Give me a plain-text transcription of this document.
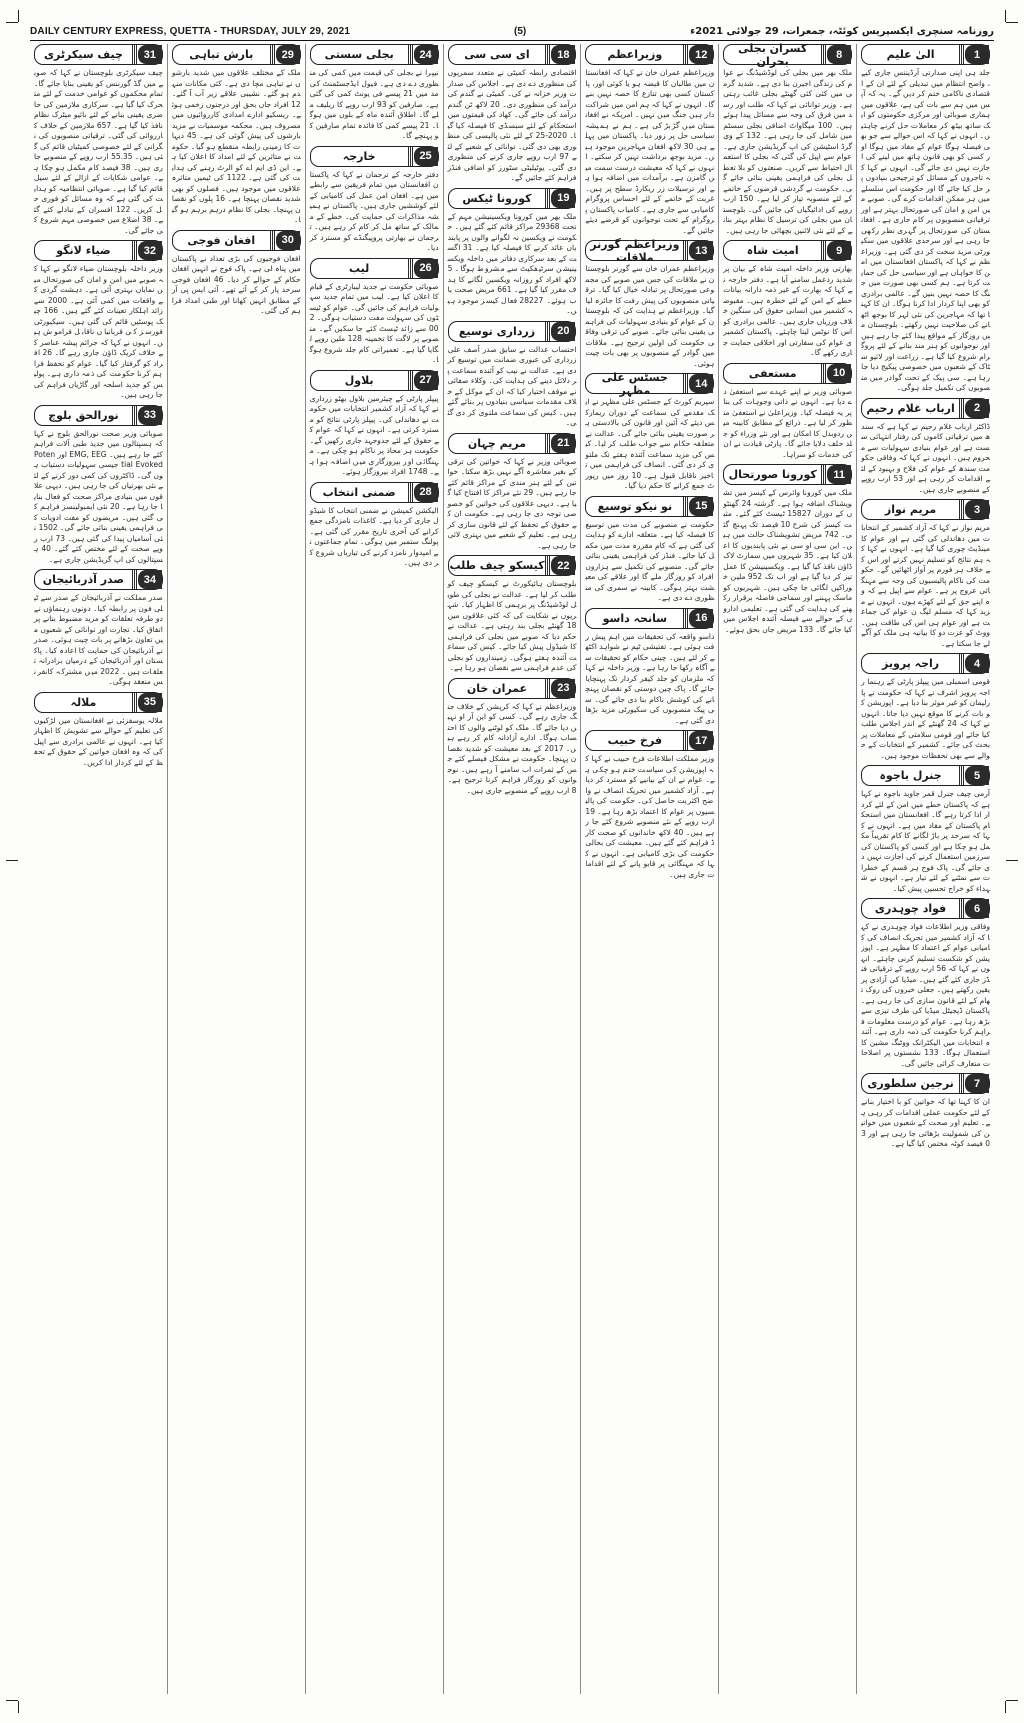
DAILY CENTURY EXPRESS, QUETTA - THURSDAY, JULY 29, 2021	(5)	روزنامہ سنچری ایکسپریس کوئٹہ، جمعرات، 29 جولائی 2021ء
1
الیٰ علیم
جلد ہی اپنی صدارتی آرڈیننس جاری کیے ، واضح انتظام میں تبدیلی کے لئے ان کے اقتصادی ناکامی ختم کر دیں گے۔ یہ کہ آپس میں ہم سے بات کی ہے، علاقوں میں ہماری صوبائی اور مرکزی حکومتوں کو ایک ساتھ بیٹھ کر معاملات حل کرنے چاہئیں۔ انہوں نے کہا کہ اس حوالے سے جو بھی فیصلہ ہوگا عوام کے مفاد میں ہوگا اور کسی کو بھی قانون ہاتھ میں لینے کی اجازت نہیں دی جائے گی۔ انہوں نے کہا کہ تاجروں کے مسائل کو ترجیحی بنیادوں پر حل کیا جائے گا اور حکومت اس سلسلے میں ہر ممکن اقدامات کرے گی۔ صوبے میں امن و امان کی صورتحال بہتر ہے اور ترقیاتی منصوبوں پر کام جاری ہے۔ افغانستان کی صورتحال پر گہری نظر رکھی جا رہی ہے اور سرحدی علاقوں میں سکیورٹی مزید سخت کر دی گئی ہے۔ وزیراعظم نے کہا کہ پاکستان افغانستان میں امن کا خواہاں ہے اور سیاسی حل کی حمایت کرتا ہے۔ ہم کسی بھی صورت میں جنگ کا حصہ نہیں بنیں گے۔ عالمی برادری کو بھی اپنا کردار ادا کرنا ہوگا۔ ان کا کہنا تھا کہ مہاجرین کی نئی لہر کا بوجھ اٹھانے کی صلاحیت نہیں رکھتے۔ بلوچستان میں روزگار کے مواقع پیدا کئے جا رہے ہیں اور نوجوانوں کو ہنر مند بنانے کے لئے پروگرام شروع کیا گیا ہے۔ زراعت اور لائیو سٹاک کے شعبوں میں خصوصی پیکیج دیا جا رہا ہے۔ سی پیک کے تحت گوادر میں منصوبوں کی تکمیل جلد ہوگی۔
2
ارباب غلام رحیم
ڈاکٹر ارباب غلام رحیم نے کہا ہے کہ سندھ میں ترقیاتی کاموں کی رفتار انتہائی سست ہے اور عوام بنیادی سہولیات سے محروم ہیں۔ انہوں نے کہا کہ وفاقی حکومت سندھ کے عوام کی فلاح و بہبود کے لئے اقدامات کر رہی ہے اور 53 ارب روپے کے منصوبے جاری ہیں۔
3
مریم نواز
مریم نواز نے کہا کہ آزاد کشمیر کے انتخابات میں دھاندلی کی گئی ہے اور عوام کا مینڈیٹ چوری کیا گیا ہے۔ انہوں نے کہا کہ ہم نتائج کو تسلیم نہیں کرتے اور اس کے خلاف ہر فورم پر آواز اٹھائیں گے۔ حکومت کی ناکام پالیسیوں کی وجہ سے مہنگائی عروج پر ہے۔ عوام سے اپیل ہے کہ وہ اپنے حق کے لئے کھڑے ہوں۔ انہوں نے مزید کہا کہ مسلم لیگ ن عوام کی جماعت ہے اور عوام ہی اس کی طاقت ہیں۔ ووٹ کو عزت دو کا بیانیہ ہی ملک کو آگے لے جا سکتا ہے۔
4
راجہ پرویز
قومی اسمبلی میں پیپلز پارٹی کے رہنما راجہ پرویز اشرف نے کہا کہ حکومت نے پارلیمان کو غیر موثر بنا دیا ہے۔ اپوزیشن کو بات کرنے کا موقع نہیں دیا جاتا۔ انہوں نے کہا کہ 24 گھنٹے کے اندر اجلاس طلب کیا جائے اور قومی سلامتی کے معاملات پر بحث کی جائے۔ کشمیر کے انتخابات کے حوالے سے بھی تحفظات موجود ہیں۔
5
جنرل باجوہ
آرمی چیف جنرل قمر جاوید باجوہ نے کہا ہے کہ پاکستان خطے میں امن کے لئے کردار ادا کرتا رہے گا۔ افغانستان میں استحکام پاکستان کے مفاد میں ہے۔ انہوں نے کہا کہ سرحد پر باڑ لگانے کا کام تقریباً مکمل ہو چکا ہے اور کسی کو پاکستان کی سرزمین استعمال کرنے کی اجازت نہیں دی جائے گی۔ پاک فوج ہر قسم کے خطرات سے نمٹنے کے لئے تیار ہے۔ انہوں نے شہداء کو خراج تحسین پیش کیا۔
6
فواد چوہدری
وفاقی وزیر اطلاعات فواد چوہدری نے کہا کہ آزاد کشمیر میں تحریک انصاف کی کامیابی عوام کے اعتماد کا مظہر ہے۔ اپوزیشن کو شکست تسلیم کرنی چاہئے۔ انہوں نے کہا کہ 56 ارب روپے کے ترقیاتی فنڈز جاری کئے گئے ہیں۔ میڈیا کی آزادی پر یقین رکھتے ہیں۔ جعلی خبروں کی روک تھام کے لئے قانون سازی کی جا رہی ہے۔ پاکستان ڈیجیٹل میڈیا کی طرف تیزی سے بڑھ رہا ہے۔ عوام کو درست معلومات فراہم کرنا حکومت کی ذمہ داری ہے۔ آئندہ انتخابات میں الیکٹرانک ووٹنگ مشین کا استعمال ہوگا۔ 133 نشستوں پر اصلاحات متعارف کرائی جائیں گی۔
7
نرجین سلطوری
ان کا کہنا تھا کہ خواتین کو با اختیار بنانے کے لئے حکومت عملی اقدامات کر رہی ہے۔ تعلیم اور صحت کے شعبوں میں خواتین کی شمولیت بڑھائی جا رہی ہے اور 30 فیصد کوٹہ مختص کیا گیا ہے۔
8
کسران بجلی بحران
ملک بھر میں بجلی کی لوڈشیڈنگ نے عوام کی زندگی اجیرن بنا دی ہے۔ شدید گرمی میں کئی کئی گھنٹے بجلی غائب رہتی ہے۔ وزیر توانائی نے کہا کہ طلب اور رسد میں فرق کی وجہ سے مسائل پیدا ہوئے ہیں۔ 100 میگاواٹ اضافی بجلی سسٹم میں شامل کی جا رہی ہے۔ 132 کے وی گرڈ اسٹیشن کی اپ گریڈیشن جاری ہے۔ عوام سے اپیل کی گئی کہ بجلی کا استعمال احتیاط سے کریں۔ صنعتوں کو بلا تعطل بجلی کی فراہمی یقینی بنائی جائے گی۔ حکومت نے گردشی قرضوں کے خاتمے کے لئے منصوبہ تیار کر لیا ہے۔ 150 ارب روپے کی ادائیگیاں کی جائیں گی۔ بلوچستان میں بجلی کی ترسیل کا نظام بہتر بنانے کے لئے نئی لائنیں بچھائی جا رہی ہیں۔
9
امیت شاہ
بھارتی وزیر داخلہ امیت شاہ کے بیان پر شدید ردعمل سامنے آیا ہے۔ دفتر خارجہ نے کہا کہ بھارت کے غیر ذمہ دارانہ بیانات خطے کے امن کے لئے خطرہ ہیں۔ مقبوضہ کشمیر میں انسانی حقوق کی سنگین خلاف ورزیاں جاری ہیں۔ عالمی برادری کو اس کا نوٹس لینا چاہئے۔ پاکستان کشمیری عوام کی سفارتی اور اخلاقی حمایت جاری رکھے گا۔
10
مستعفی
صوبائی وزیر نے اپنے عہدے سے استعفیٰ دے دیا ہے۔ انہوں نے ذاتی وجوہات کی بنا پر یہ فیصلہ کیا۔ وزیراعلیٰ نے استعفیٰ منظور کر لیا ہے۔ ذرائع کے مطابق کابینہ میں ردوبدل کا امکان ہے اور نئے وزراء کو جلد حلف دلایا جائے گا۔ پارٹی قیادت نے ان کی خدمات کو سراہا۔
11
کورونا صورتحال
ملک میں کورونا وائرس کے کیسز میں تشویشناک اضافہ ہوا ہے۔ گزشتہ 24 گھنٹوں کے دوران 15827 ٹیسٹ کئے گئے۔ مثبت کیسز کی شرح 10 فیصد تک پہنچ گئی۔ 742 مریض تشویشناک حالت میں ہیں۔ این سی او سی نے نئی پابندیوں کا اعلان کیا ہے۔ 35 شہروں میں سمارٹ لاک ڈاؤن نافذ کیا گیا ہے۔ ویکسینیشن کا عمل تیز کر دیا گیا ہے اور اب تک 952 ملین خوراکیں لگائی جا چکی ہیں۔ شہریوں کو ماسک پہننے اور سماجی فاصلہ برقرار رکھنے کی ہدایت کی گئی ہے۔ تعلیمی اداروں کے حوالے سے فیصلہ آئندہ اجلاس میں کیا جائے گا۔ 133 مریض جاں بحق ہوئے۔
12
وزیراعظم
وزیراعظم عمران خان نے کہا کہ افغانستان میں طالبان کا قبضہ ہو یا کوئی اور، پاکستان کسی بھی تنازع کا حصہ نہیں بنے گا۔ انہوں نے کہا کہ ہم امن میں شراکت دار ہیں جنگ میں نہیں۔ امریکہ نے افغانستان میں گڑبڑ کی ہے۔ ہم نے ہمیشہ سیاسی حل پر زور دیا۔ پاکستان میں پہلے ہی 30 لاکھ افغان مہاجرین موجود ہیں۔ مزید بوجھ برداشت نہیں کر سکتے۔ انہوں نے کہا کہ معیشت درست سمت میں گامزن ہے۔ برآمدات میں اضافہ ہوا ہے اور ترسیلات زر ریکارڈ سطح پر ہیں۔ غربت کے خاتمے کے لئے احساس پروگرام کامیابی سے جاری ہے۔ کامیاب پاکستان پروگرام کے تحت نوجوانوں کو قرضے دیئے جائیں گے۔
13
وزیراعظم گورنر ملاقات
وزیراعظم عمران خان سے گورنر بلوچستان نے ملاقات کی جس میں صوبے کی مجموعی صورتحال پر تبادلہ خیال کیا گیا۔ ترقیاتی منصوبوں کی پیش رفت کا جائزہ لیا گیا۔ وزیراعظم نے ہدایت کی کہ بلوچستان کے عوام کو بنیادی سہولیات کی فراہمی یقینی بنائی جائے۔ صوبے کی ترقی وفاقی حکومت کی اولین ترجیح ہے۔ ملاقات میں گوادر کے منصوبوں پر بھی بات چیت ہوئی۔
14
جسٹس علی مظہر
سپریم کورٹ کے جسٹس علی مظہر نے ایک مقدمے کی سماعت کے دوران ریمارکس دیئے کہ آئین اور قانون کی بالادستی ہر صورت یقینی بنائی جائے گی۔ عدالت نے متعلقہ حکام سے جواب طلب کر لیا۔ کیس کی مزید سماعت آئندہ ہفتے تک ملتوی کر دی گئی۔ انصاف کی فراہمی میں تاخیر ناقابل قبول ہے۔ 10 روز میں رپورٹ جمع کرانے کا حکم دیا گیا۔
15
نو نیکو توسیع
حکومت نے منصوبے کی مدت میں توسیع کا فیصلہ کیا ہے۔ متعلقہ ادارے کو ہدایت کی گئی ہے کہ کام مقررہ مدت میں مکمل کیا جائے۔ فنڈز کی فراہمی یقینی بنائی جائے گی۔ منصوبے کی تکمیل سے ہزاروں افراد کو روزگار ملے گا اور علاقے کی معیشت بہتر ہوگی۔ کابینہ نے سمری کی منظوری دے دی ہے۔
16
سانحہ داسو
داسو واقعہ کی تحقیقات میں اہم پیش رفت ہوئی ہے۔ تفتیشی ٹیم نے شواہد اکٹھے کر لئے ہیں۔ چینی حکام کو تحقیقات سے آگاہ رکھا جا رہا ہے۔ وزیر داخلہ نے کہا کہ ملزمان کو جلد کیفر کردار تک پہنچایا جائے گا۔ پاک چین دوستی کو نقصان پہنچانے کی کوشش ناکام بنا دی جائے گی۔ سی پیک منصوبوں کی سکیورٹی مزید بڑھا دی گئی ہے۔
17
فرخ حبیب
وزیر مملکت اطلاعات فرخ حبیب نے کہا کہ اپوزیشن کی سیاست ختم ہو چکی ہے۔ عوام نے ان کے بیانیے کو مسترد کر دیا ہے۔ آزاد کشمیر میں تحریک انصاف نے واضح اکثریت حاصل کی۔ حکومت کی پالیسیوں پر عوام کا اعتماد بڑھ رہا ہے۔ 19 ارب روپے کے نئے منصوبے شروع کئے جا رہے ہیں۔ 40 لاکھ خاندانوں کو صحت کارڈ فراہم کئے گئے ہیں۔ معیشت کی بحالی حکومت کی بڑی کامیابی ہے۔ انہوں نے کہا کہ مہنگائی پر قابو پانے کے لئے اقدامات جاری ہیں۔
18
ای سی سی
اقتصادی رابطہ کمیٹی نے متعدد سمریوں کی منظوری دے دی ہے۔ اجلاس کی صدارت وزیر خزانہ نے کی۔ کمیٹی نے گندم کی درآمد کی منظوری دی۔ 20 لاکھ ٹن گندم درآمد کی جائے گی۔ کھاد کی قیمتوں میں استحکام کے لئے سبسڈی کا فیصلہ کیا گیا۔ 2020-25 کے لئے نئی پالیسی کی منظوری بھی دی گئی۔ توانائی کے شعبے کے لئے 97 ارب روپے جاری کرنے کی منظوری دی گئی۔ یوٹیلیٹی سٹورز کو اضافی فنڈز فراہم کئے جائیں گے۔
19
کورونا ٹیکس
ملک بھر میں کورونا ویکسینیشن مہم کے تحت 29368 مراکز قائم کئے گئے ہیں۔ حکومت نے ویکسین نہ لگوانے والوں پر پابندیاں عائد کرنے کا فیصلہ کیا ہے۔ 31 اگست کے بعد سرکاری دفاتر میں داخلہ ویکسینیشن سرٹیفکیٹ سے مشروط ہوگا۔ 5 لاکھ افراد کو روزانہ ویکسین لگانے کا ہدف مقرر کیا گیا ہے۔ 661 مریض صحت یاب ہوئے۔ 28227 فعال کیسز موجود ہیں۔
20
زرداری توسیع
احتساب عدالت نے سابق صدر آصف علی زرداری کی عبوری ضمانت میں توسیع کر دی ہے۔ عدالت نے نیب کو آئندہ سماعت پر دلائل دینے کی ہدایت کی۔ وکلاء صفائی نے موقف اختیار کیا کہ ان کے موکل کے خلاف مقدمات سیاسی بنیادوں پر بنائے گئے ہیں۔ کیس کی سماعت ملتوی کر دی گئی۔
21
مریم چہان
صوبائی وزیر نے کہا کہ خواتین کی ترقی کے بغیر معاشرہ آگے نہیں بڑھ سکتا۔ خواتین کے لئے ہنر مندی کے مراکز قائم کئے جا رہے ہیں۔ 29 نئے مراکز کا افتتاح کیا گیا ہے۔ دیہی علاقوں کی خواتین کو خصوصی توجہ دی جا رہی ہے۔ حکومت ان کے حقوق کے تحفظ کے لئے قانون سازی کر رہی ہے۔ تعلیم کے شعبے میں بہتری لائی جا رہی ہے۔
22
کیسکو چیف طلب
بلوچستان ہائیکورٹ نے کیسکو چیف کو طلب کر لیا ہے۔ عدالت نے بجلی کی طویل لوڈشیڈنگ پر برہمی کا اظہار کیا۔ شہریوں نے شکایت کی کہ کئی علاقوں میں 18 گھنٹے بجلی بند رہتی ہے۔ عدالت نے حکم دیا کہ صوبے میں بجلی کی فراہمی کا شیڈول پیش کیا جائے۔ کیس کی سماعت آئندہ ہفتے ہوگی۔ زمینداروں کو بجلی کی عدم فراہمی سے نقصان ہو رہا ہے۔
23
عمران خان
وزیراعظم نے کہا کہ کرپشن کے خلاف جنگ جاری رہے گی۔ کسی کو این آر او نہیں دیا جائے گا۔ ملک کو لوٹنے والوں کا احتساب ہوگا۔ ادارے آزادانہ کام کر رہے ہیں۔ 2017 کے بعد معیشت کو شدید نقصان پہنچا۔ حکومت نے مشکل فیصلے کئے جس کے ثمرات اب سامنے آ رہے ہیں۔ نوجوانوں کو روزگار فراہم کرنا ترجیح ہے۔ 8 ارب روپے کے منصوبے جاری ہیں۔
24
بجلی سستی
نیپرا نے بجلی کی قیمت میں کمی کی منظوری دے دی ہے۔ فیول ایڈجسٹمنٹ کی مد میں 21 پیسے فی یونٹ کمی کی گئی ہے۔ صارفین کو 93 ارب روپے کا ریلیف ملے گا۔ اطلاق آئندہ ماہ کے بلوں میں ہوگا۔ 21 پیسے کمی کا فائدہ تمام صارفین کو پہنچے گا۔
25
خارجہ
دفتر خارجہ کے ترجمان نے کہا کہ پاکستان افغانستان میں تمام فریقین سے رابطے میں ہے۔ افغان امن عمل کی کامیابی کے لئے کوششیں جاری ہیں۔ پاکستان نے ہمیشہ مذاکرات کی حمایت کی۔ خطے کے ممالک کے ساتھ مل کر کام کر رہے ہیں۔ ترجمان نے بھارتی پروپیگنڈے کو مسترد کر دیا۔
26
لیب
صوبائی حکومت نے جدید لیبارٹری کے قیام کا اعلان کیا ہے۔ لیب میں تمام جدید سہولیات فراہم کی جائیں گی۔ عوام کو ٹیسٹوں کی سہولت مفت دستیاب ہوگی۔ 200 سے زائد ٹیسٹ کئے جا سکیں گے۔ منصوبے پر لاگت کا تخمینہ 128 ملین روپے لگایا گیا ہے۔ تعمیراتی کام جلد شروع ہوگا۔
27
بلاول
پیپلز پارٹی کے چیئرمین بلاول بھٹو زرداری نے کہا کہ آزاد کشمیر انتخابات میں حکومت نے دھاندلی کی۔ پیپلز پارٹی نتائج کو مسترد کرتی ہے۔ انہوں نے کہا کہ عوام کے حقوق کے لئے جدوجہد جاری رکھیں گے۔ حکومت ہر محاذ پر ناکام ہو چکی ہے۔ مہنگائی اور بیروزگاری میں اضافہ ہوا ہے۔ 1748 افراد بیروزگار ہوئے۔
28
ضمنی انتخاب
الیکشن کمیشن نے ضمنی انتخاب کا شیڈول جاری کر دیا ہے۔ کاغذات نامزدگی جمع کرانے کی آخری تاریخ مقرر کی گئی ہے۔ پولنگ ستمبر میں ہوگی۔ تمام جماعتوں نے امیدوار نامزد کرنے کی تیاریاں شروع کر دی ہیں۔
29
بارش تباہی
ملک کے مختلف علاقوں میں شدید بارشوں نے تباہی مچا دی ہے۔ کئی مکانات منہدم ہو گئے۔ نشیبی علاقے زیر آب آ گئے۔ 12 افراد جاں بحق اور درجنوں زخمی ہوئے۔ ریسکیو ادارے امدادی کارروائیوں میں مصروف ہیں۔ محکمہ موسمیات نے مزید بارشوں کی پیش گوئی کی ہے۔ 45 دیہات کا زمینی رابطہ منقطع ہو گیا۔ حکومت نے متاثرین کے لئے امداد کا اعلان کیا ہے۔ این ڈی ایم اے کو الرٹ رہنے کی ہدایت کی گئی ہے۔ 1122 کی ٹیمیں متاثرہ علاقوں میں موجود ہیں۔ فصلوں کو بھی شدید نقصان پہنچا ہے۔ 16 پلوں کو نقصان پہنچا۔ بجلی کا نظام درہم برہم ہو گیا۔
30
افغان فوجی
افغان فوجیوں کی بڑی تعداد نے پاکستان میں پناہ لی ہے۔ پاک فوج نے انہیں افغان حکام کے حوالے کر دیا۔ 46 افغان فوجی سرحد پار کر کے آئے تھے۔ آئی ایس پی آر کے مطابق انہیں کھانا اور طبی امداد فراہم کی گئی۔
31
چیف سیکرٹری
چیف سیکرٹری بلوچستان نے کہا کہ صوبے میں گڈ گورننس کو یقینی بنایا جائے گا۔ تمام محکموں کو عوامی خدمت کے لئے متحرک کیا گیا ہے۔ سرکاری ملازمین کی حاضری یقینی بنانے کے لئے بائیو میٹرک نظام نافذ کیا گیا ہے۔ 657 ملازمین کے خلاف کارروائی کی گئی۔ ترقیاتی منصوبوں کی نگرانی کے لئے خصوصی کمیٹیاں قائم کی گئی ہیں۔ 55.35 ارب روپے کے منصوبے جاری ہیں۔ 38 فیصد کام مکمل ہو چکا ہے۔ عوامی شکایات کے ازالے کے لئے سیل قائم کیا گیا ہے۔ صوبائی انتظامیہ کو ہدایت کی گئی ہے کہ وہ مسائل کو فوری حل کریں۔ 122 افسران کے تبادلے کئے گئے۔ 38 اضلاع میں خصوصی مہم شروع کی جائے گی۔
32
ضیاء لانگو
وزیر داخلہ بلوچستان ضیاء لانگو نے کہا کہ صوبے میں امن و امان کی صورتحال میں نمایاں بہتری آئی ہے۔ دہشت گردی کے واقعات میں کمی آئی ہے۔ 2000 سے زائد اہلکار تعینات کئے گئے ہیں۔ 166 چیک پوسٹیں قائم کی گئی ہیں۔ سیکیورٹی فورسز کی قربانیاں ناقابل فراموش ہیں۔ انہوں نے کہا کہ جرائم پیشہ عناصر کے خلاف کریک ڈاؤن جاری رہے گا۔ 26 افراد کو گرفتار کیا گیا۔ عوام کو تحفظ فراہم کرنا حکومت کی ذمہ داری ہے۔ پولیس کو جدید اسلحہ اور گاڑیاں فراہم کی جا رہی ہیں۔
33
نورالحق بلوچ
صوبائی وزیر صحت نورالحق بلوچ نے کہا کہ ہسپتالوں میں جدید طبی آلات فراہم کئے جا رہے ہیں۔ EMG, EEG اور Potential Evoked جیسی سہولیات دستیاب ہوں گی۔ ڈاکٹروں کی کمی دور کرنے کے لئے نئی بھرتیاں کی جا رہی ہیں۔ دیہی علاقوں میں بنیادی مراکز صحت کو فعال بنایا جا رہا ہے۔ 20 نئی ایمبولینسز فراہم کی گئی ہیں۔ مریضوں کو مفت ادویات کی فراہمی یقینی بنائی جائے گی۔ 1502 نئی آسامیاں پیدا کی گئی ہیں۔ 73 ارب روپے صحت کے لئے مختص کئے گئے۔ 40 ہسپتالوں کی اپ گریڈیشن جاری ہے۔
34
صدر آذربائیجان
صدر مملکت نے آذربائیجان کے صدر سے ٹیلی فون پر رابطہ کیا۔ دونوں رہنماؤں نے دو طرفہ تعلقات کو مزید مضبوط بنانے پر اتفاق کیا۔ تجارت اور توانائی کے شعبوں میں تعاون بڑھانے پر بات چیت ہوئی۔ صدر نے آذربائیجان کی حمایت کا اعادہ کیا۔ پاکستان اور آذربائیجان کے درمیان برادرانہ تعلقات ہیں۔ 2022 میں مشترکہ کانفرنس منعقد ہوگی۔
35
ملالہ
ملالہ یوسفزئی نے افغانستان میں لڑکیوں کی تعلیم کے حوالے سے تشویش کا اظہار کیا ہے۔ انہوں نے عالمی برادری سے اپیل کی کہ وہ افغان خواتین کے حقوق کے تحفظ کے لئے کردار ادا کریں۔
